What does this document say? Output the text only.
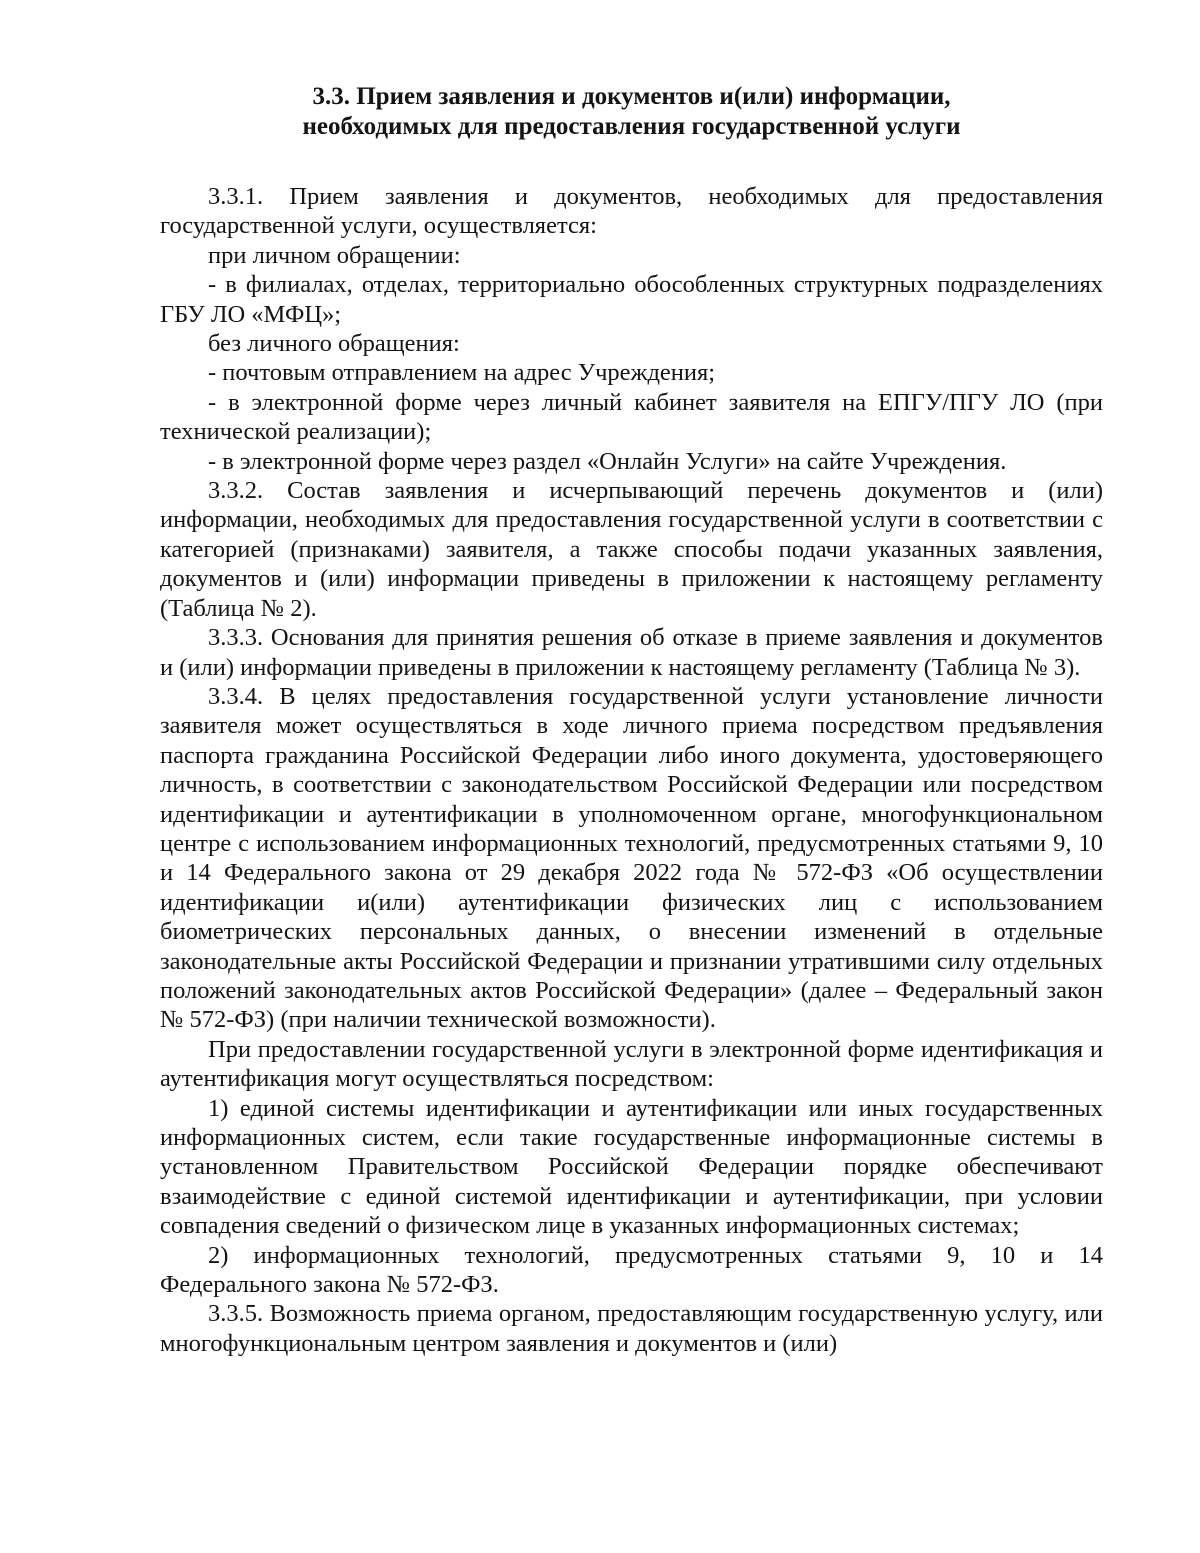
3.3. Прием заявления и документов и(или) информации,
необходимых для предоставления государственной услуги

3.3.1. Прием заявления и документов, необходимых для предоставления государственной услуги, осуществляется:

при личном обращении:

- в филиалах, отделах, территориально обособленных структурных подразделениях ГБУ ЛО «МФЦ»;

без личного обращения:

- почтовым отправлением на адрес Учреждения;

- в электронной форме через личный кабинет заявителя на ЕПГУ/ПГУ ЛО (при технической реализации);

- в электронной форме через раздел «Онлайн Услуги» на сайте Учреждения.

3.3.2. Состав заявления и исчерпывающий перечень документов и (или) информации, необходимых для предоставления государственной услуги в соответствии с категорией (признаками) заявителя, а также способы подачи указанных заявления, документов и (или) информации приведены в приложении к настоящему регламенту (Таблица № 2).

3.3.3. Основания для принятия решения об отказе в приеме заявления и документов и (или) информации приведены в приложении к настоящему регламенту (Таблица № 3).

3.3.4. В целях предоставления государственной услуги установление личности заявителя может осуществляться в ходе личного приема посредством предъявления паспорта гражданина Российской Федерации либо иного документа, удостоверяющего личность, в соответствии с законодательством Российской Федерации или посредством идентификации и аутентификации в уполномоченном органе, многофункциональном центре с использованием информационных технологий, предусмотренных статьями 9, 10 и 14 Федерального закона от 29 декабря 2022 года № 572-ФЗ «Об осуществлении идентификации и(или) аутентификации физических лиц с использованием биометрических персональных данных, о внесении изменений в отдельные законодательные акты Российской Федерации и признании утратившими силу отдельных положений законодательных актов Российской Федерации» (далее – Федеральный закон № 572-ФЗ) (при наличии технической возможности).

При предоставлении государственной услуги в электронной форме идентификация и аутентификация могут осуществляться посредством:

1) единой системы идентификации и аутентификации или иных государственных информационных систем, если такие государственные информационные системы в установленном Правительством Российской Федерации порядке обеспечивают взаимодействие с единой системой идентификации и аутентификации, при условии совпадения сведений о физическом лице в указанных информационных системах;

2) информационных технологий, предусмотренных статьями 9, 10 и 14 Федерального закона № 572-ФЗ.

3.3.5. Возможность приема органом, предоставляющим государственную услугу, или многофункциональным центром заявления и документов и (или)
